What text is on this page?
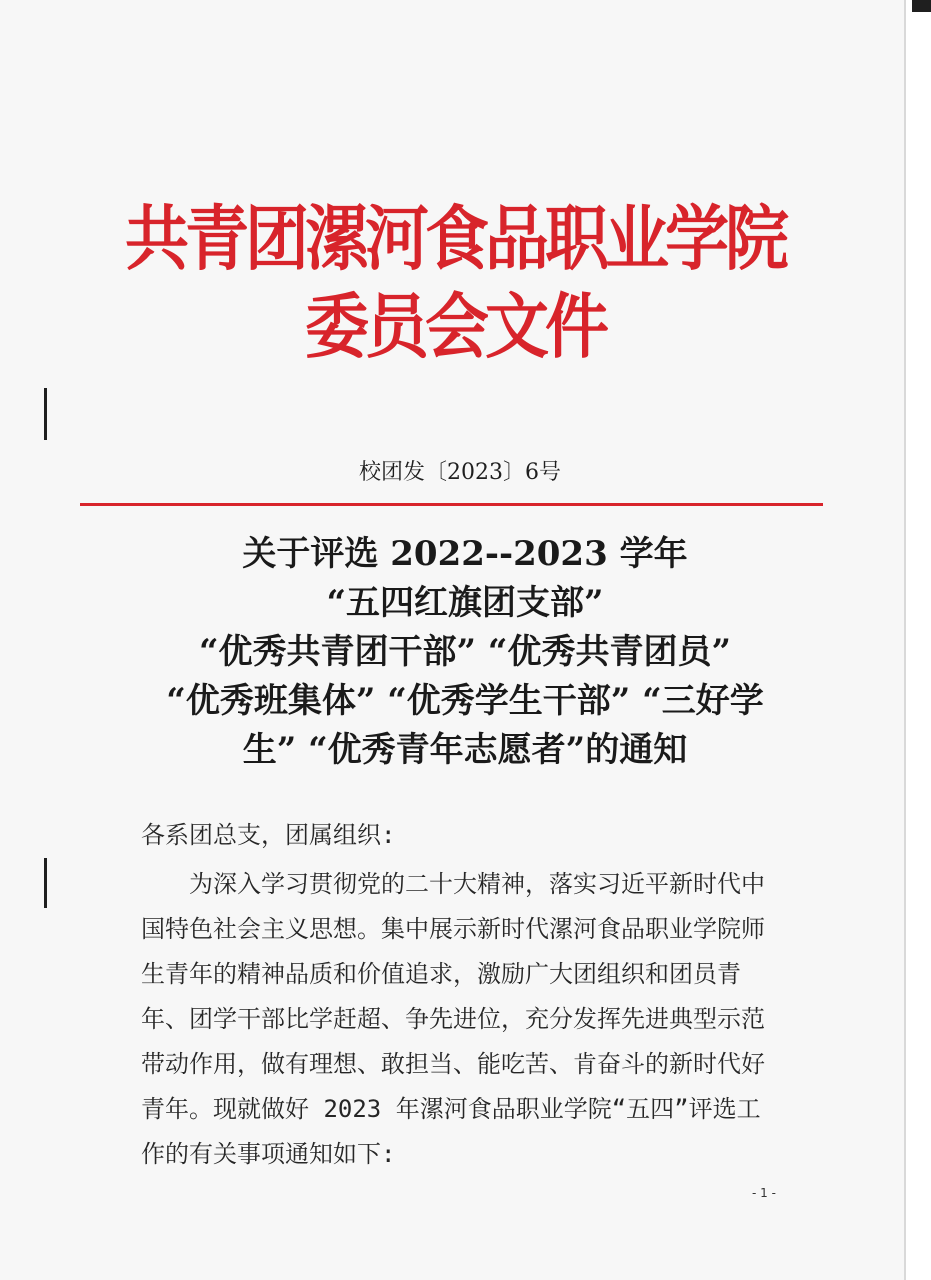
共青团漯河食品职业学院委员会文件
校团发〔2023〕6号
关于评选 2022--2023 学年
“五四红旗团支部”
“优秀共青团干部” “优秀共青团员”
“优秀班集体” “优秀学生干部” “三好学
生” “优秀青年志愿者”的通知
各系团总支，团属组织:
　　为深入学习贯彻党的二十大精神，落实习近平新时代中
国特色社会主义思想。集中展示新时代漯河食品职业学院师
生青年的精神品质和价值追求，激励广大团组织和团员青
年、团学干部比学赶超、争先进位，充分发挥先进典型示范
带动作用，做有理想、敢担当、能吃苦、肯奋斗的新时代好
青年。现就做好 2023 年漯河食品职业学院“五四”评选工
作的有关事项通知如下:
- 1 -
